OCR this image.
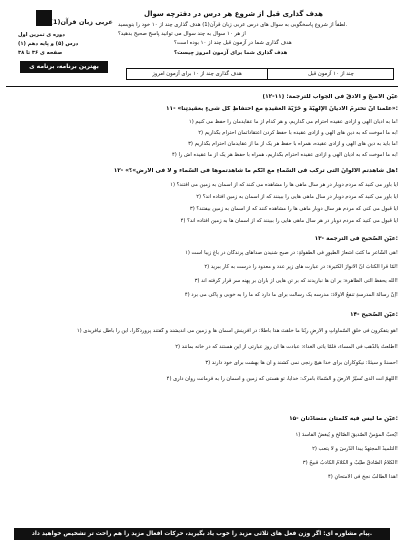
عربی زبان قرآن(1)
دوره ی تمرین اول
درس (۵) و پایه دهم (۱)
صفحه ی ۳۶ تا ۳۸
بهترین برنامه، برنامه ی مستمر
هدف گذاری قبل از شروع هر درس در دفترچه سوال
لطفاً از شروع پاسخگویی به سوال های درس عربی زبان قرآن(1) هدف گذاری چند از ۱۰ خود را بنویسید.
از هر ۱۰ سوال به چند سوال می توانید پاسخ صحیح بدهید؟
هدف گذاری شما در آزمون قبل چند از ۱۰ بوده است؟
هدف گذاری شما برای آزمون امروز چیست؟
چند از ۱۰ آزمون قبل
هدف گذاری چند از ۱۰ برای آزمون امروز
عیّن الأصحّ و الأدقّ فی الجواب للترجمة: (۱۱-۱۲)
۱۱- «علّمنا أنّ تحترمَ الأدیانَ الإلهیّةَ و حُرّیّةَ العقیدةِ مع احتفاظِ کلِّ شیءٍ بعقیدتِنا»:
۱) ما به ادیان الهی و آزادی عقیده احترام می گذاریم، و هر کدام از ما عقایدمان را حفظ می کنیم!
۲) به ما آموخت که به دین های الهی و آزادی عقیده با حفظ کردن اعتقاداتمان احترام بگذاریم!
۳) ما باید به دین های الهی و آزادی عقیده، همراه با حفظ هر یک از ما از عقایدمان احترام بگذاریم!
۴) به ما آموخت که به ادیان الهی و آزادی عقیده احترام بگذاریم، همراه با حفظ هر یک از ما عقیده اش را!
۱۲- «هل شاهدتم الألوانَ التی ترکّب فی السّماءِ مع أنّکم ما شاهدتموها فی السّماء و لا فی الأرض»؟!
۱) آیا باور می کنید که مردم دوبار در هر سال ماهی ها را مشاهده می کنند که از آسمان به زمین می افتند؟
۲) آیا باور می کنید که مردم دوبار در سال ماهی هایی را ببینند که از آسمان به زمین افتاده اند؟
۳) آیا قبول می کنی که مردم هر سال دوبار ماهی ها را مشاهده کنند که از آسمان به زمین بیفتند؟
۴) آیا قبول می کنید که مردم دوبار در هر سال ماهی هایی را ببینند که از آسمان ها به زمین افتاده اند؟
۱۳- عیّن الصّحیح فی الترجمة:
۱) هی الشّاعر ما کتَبَ أشعارَ الطّیورِ فی الطّفولةِ: در صبح شنیدن صداهای پرندگان در باغ زیبا است!
۲) لمّا قرأ الکتابَ أنّ الأنوارَ الکثیرةَ: در عبارت های زیر عدد و معدود را درست به کار ببرید!
۳) الله یحفظ الّتی الظّاهرة: بر آن ها نباریدند که بر تن هایی از باران بر پهنه سر قرار گرفته اند!
۴) إنّ رسالةَ المدرسةِ تنفعُ الأولادَ: مدرسه یک رسالت برای ما دارد که ما را به خوبی و پاکی می برد!
۱۴- عیّن الصّحیح:
۱) هو یتفکّرون فی خلقِ السّماواتِ و الأرضِ ربّنا ما خلقتَ هذا باطلاً: در آفرینش آسمان ها و زمین می اندیشند و گفتند پروردگارا، این را باطل نیافریدی!
۲) اطلّعتُ بالذّهب فی المساء، فلمّا یأتی الغداء: عبادت ها آن روز عبارتی از این هستند که در خانه بمانند!
۳) حسنةً و سیئةً: نیکوکاران برای خدا هیچ رنجی نمی کشند و آن ها بهشت برای خود دارند!
۴) اللّهمّ أنت الّذی تُسیّرُ الأرضَ و السّماءَ بأمرک: خدایا، تو هستی که زمین و آسمان را به فرمانت روان داری!
۱۵- عیّن ما لیس فیه کلمتان متضادّتان:
۱) یُحبّ المؤمنُ الصّدیقَ الصّالحَ و یُبغضُ الفاسدَ!
۲) التلمیذُ المجتهدُ یبدأ الدّرسَ و لا یتعب!
۳) الکلامُ الصّادقُ طیّبٌ و الکلامُ الکاذبُ قبیحٌ!
۴) هذا الطّالبُ نجحَ فی الامتحانِ!
پیام مشاوره ای: اگر وزن فعل های ثلاثی مزید را خوب یاد بگیرید، حرکات افعال مزید را هم راحت تر تشخیص خواهید داد.
